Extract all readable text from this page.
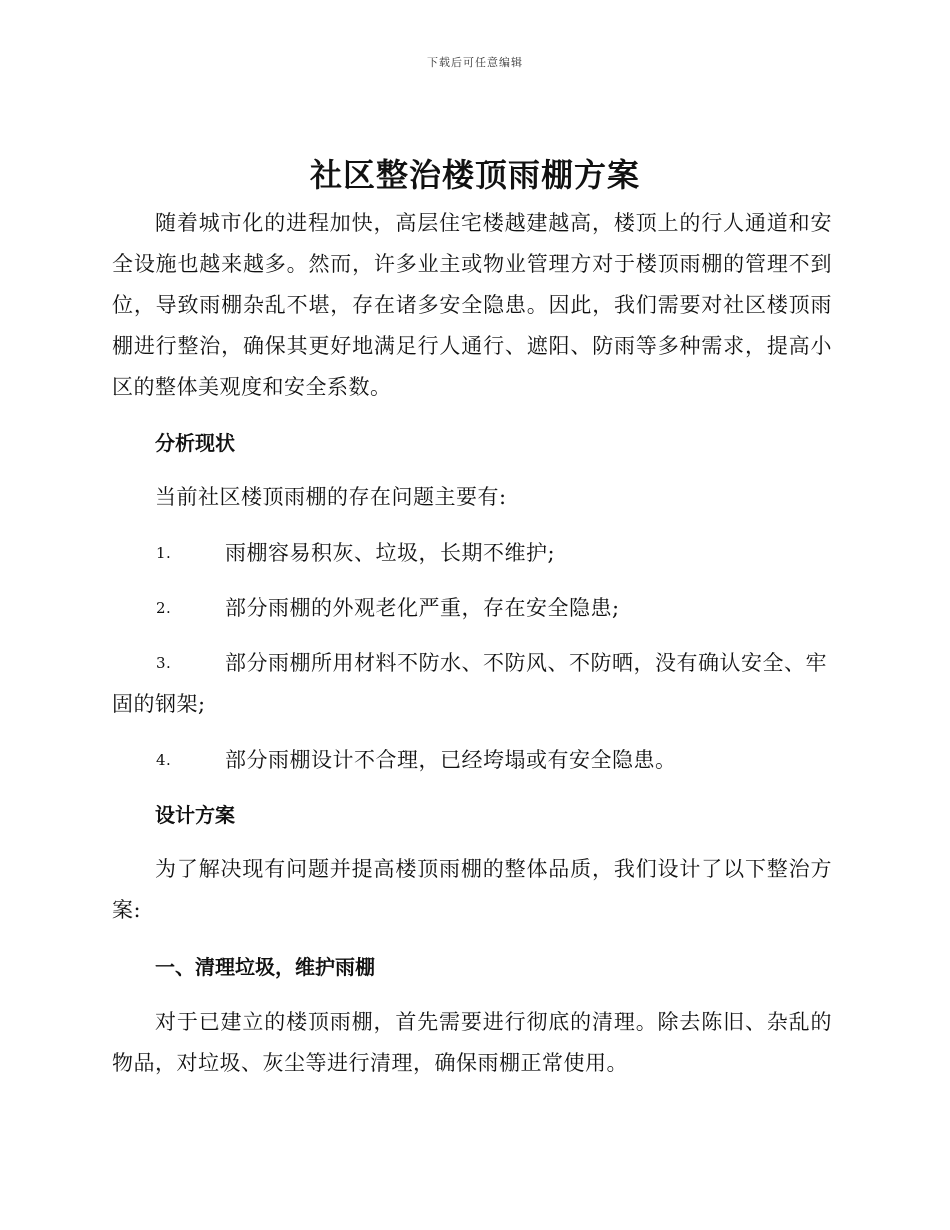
下载后可任意编辑
社区整治楼顶雨棚方案

随着城市化的进程加快，高层住宅楼越建越高，楼顶上的行人通道和安全设施也越来越多。然而，许多业主或物业管理方对于楼顶雨棚的管理不到位，导致雨棚杂乱不堪，存在诸多安全隐患。因此，我们需要对社区楼顶雨棚进行整治，确保其更好地满足行人通行、遮阳、防雨等多种需求，提高小区的整体美观度和安全系数。

分析现状

当前社区楼顶雨棚的存在问题主要有:

1.	雨棚容易积灰、垃圾，长期不维护;
2.	部分雨棚的外观老化严重，存在安全隐患;
3.	部分雨棚所用材料不防水、不防风、不防晒，没有确认安全、牢固的钢架;
4.	部分雨棚设计不合理，已经垮塌或有安全隐患。
设计方案

为了解决现有问题并提高楼顶雨棚的整体品质，我们设计了以下整治方案:

一、清理垃圾，维护雨棚

对于已建立的楼顶雨棚，首先需要进行彻底的清理。除去陈旧、杂乱的物品，对垃圾、灰尘等进行清理，确保雨棚正常使用。
